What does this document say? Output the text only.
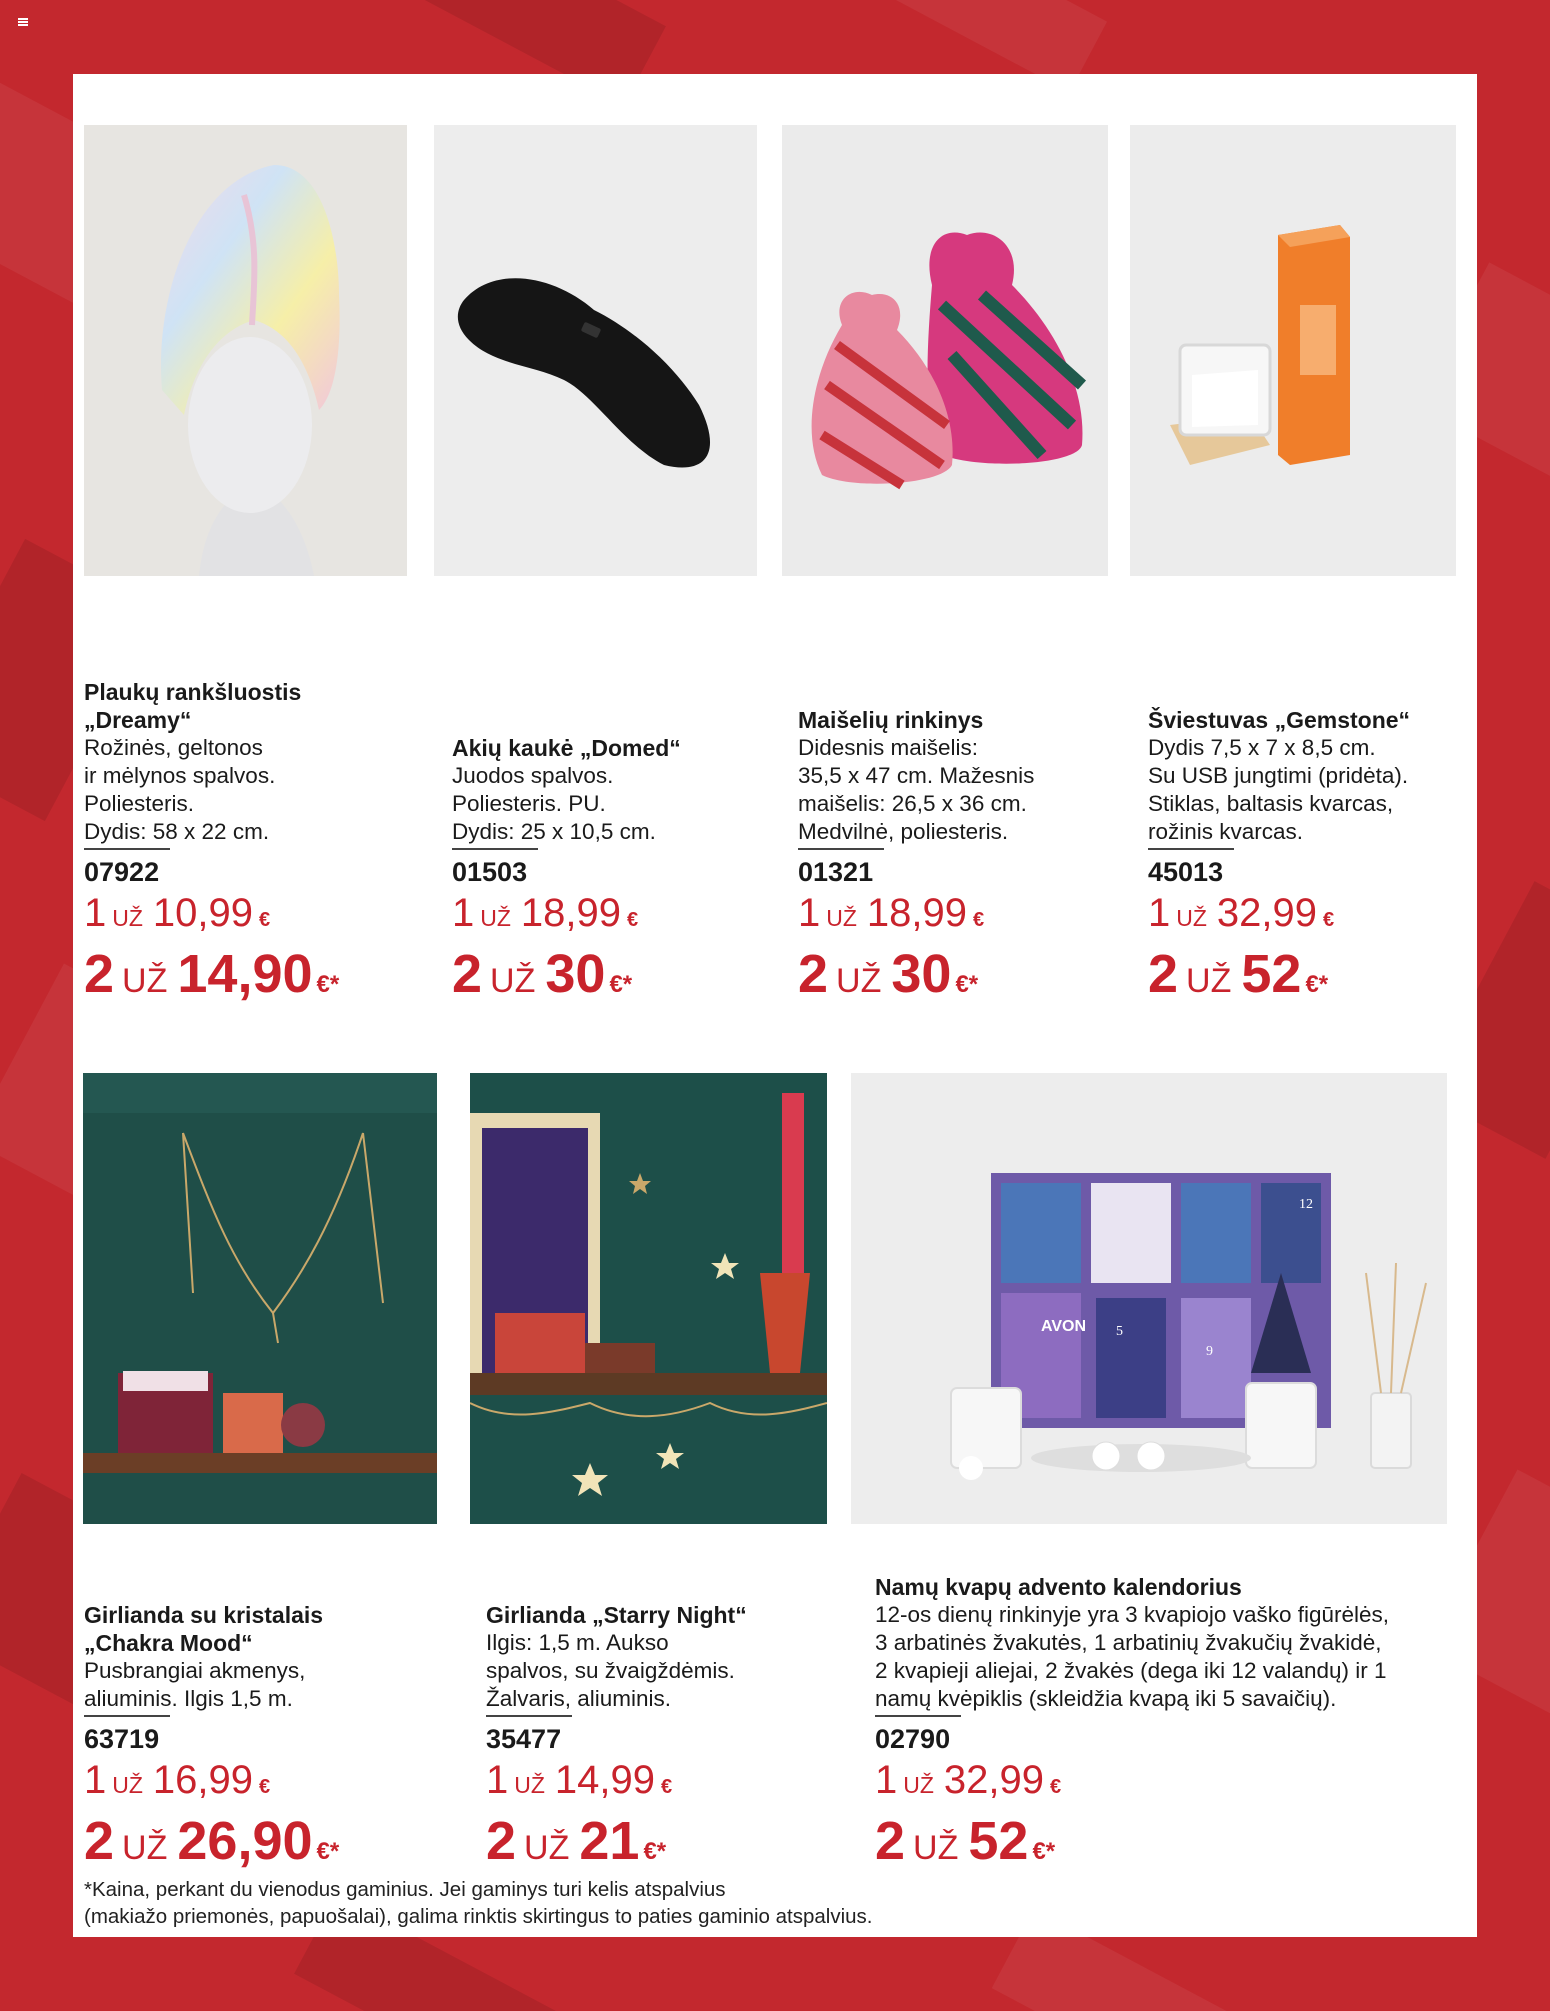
Plaukų rankšluostis
„Dreamy“
Rožinės, geltonos
ir mėlynos spalvos.
Poliesteris.
Dydis: 58 x 22 cm.
07922
1 UŽ 10,99 €
2 UŽ 14,90 €*
Akių kaukė „Domed“
Juodos spalvos.
Poliesteris. PU.
Dydis: 25 x 10,5 cm.
01503
1 UŽ 18,99 €
2 UŽ 30 €*
Maišelių rinkinys
Didesnis maišelis:
35,5 x 47 cm. Mažesnis
maišelis: 26,5 x 36 cm.
Medvilnė, poliesteris.
01321
1 UŽ 18,99 €
2 UŽ 30 €*
Šviestuvas „Gemstone“
Dydis 7,5 x 7 x 8,5 cm.
Su USB jungtimi (pridėta).
Stiklas, baltasis kvarcas,
rožinis kvarcas.
45013
1 UŽ 32,99 €
2 UŽ 52 €*
AVON
12
5
9
Girlianda su kristalais
„Chakra Mood“
Pusbrangiai akmenys,
aliuminis. Ilgis 1,5 m.
63719
1 UŽ 16,99 €
2 UŽ 26,90 €*
Girlianda „Starry Night“
Ilgis: 1,5 m. Aukso
spalvos, su žvaigždėmis.
Žalvaris, aliuminis.
35477
1 UŽ 14,99 €
2 UŽ 21 €*
Namų kvapų advento kalendorius
12-os dienų rinkinyje yra 3 kvapiojo vaško figūrėlės,
3 arbatinės žvakutės, 1 arbatinių žvakučių žvakidė,
2 kvapieji aliejai, 2 žvakės (dega iki 12 valandų) ir 1
namų kvėpiklis (skleidžia kvapą iki 5 savaičių).
02790
1 UŽ 32,99 €
2 UŽ 52 €*
*Kaina, perkant du vienodus gaminius. Jei gaminys turi kelis atspalvius
(makiažo priemonės, papuošalai), galima rinktis skirtingus to paties gaminio atspalvius.
